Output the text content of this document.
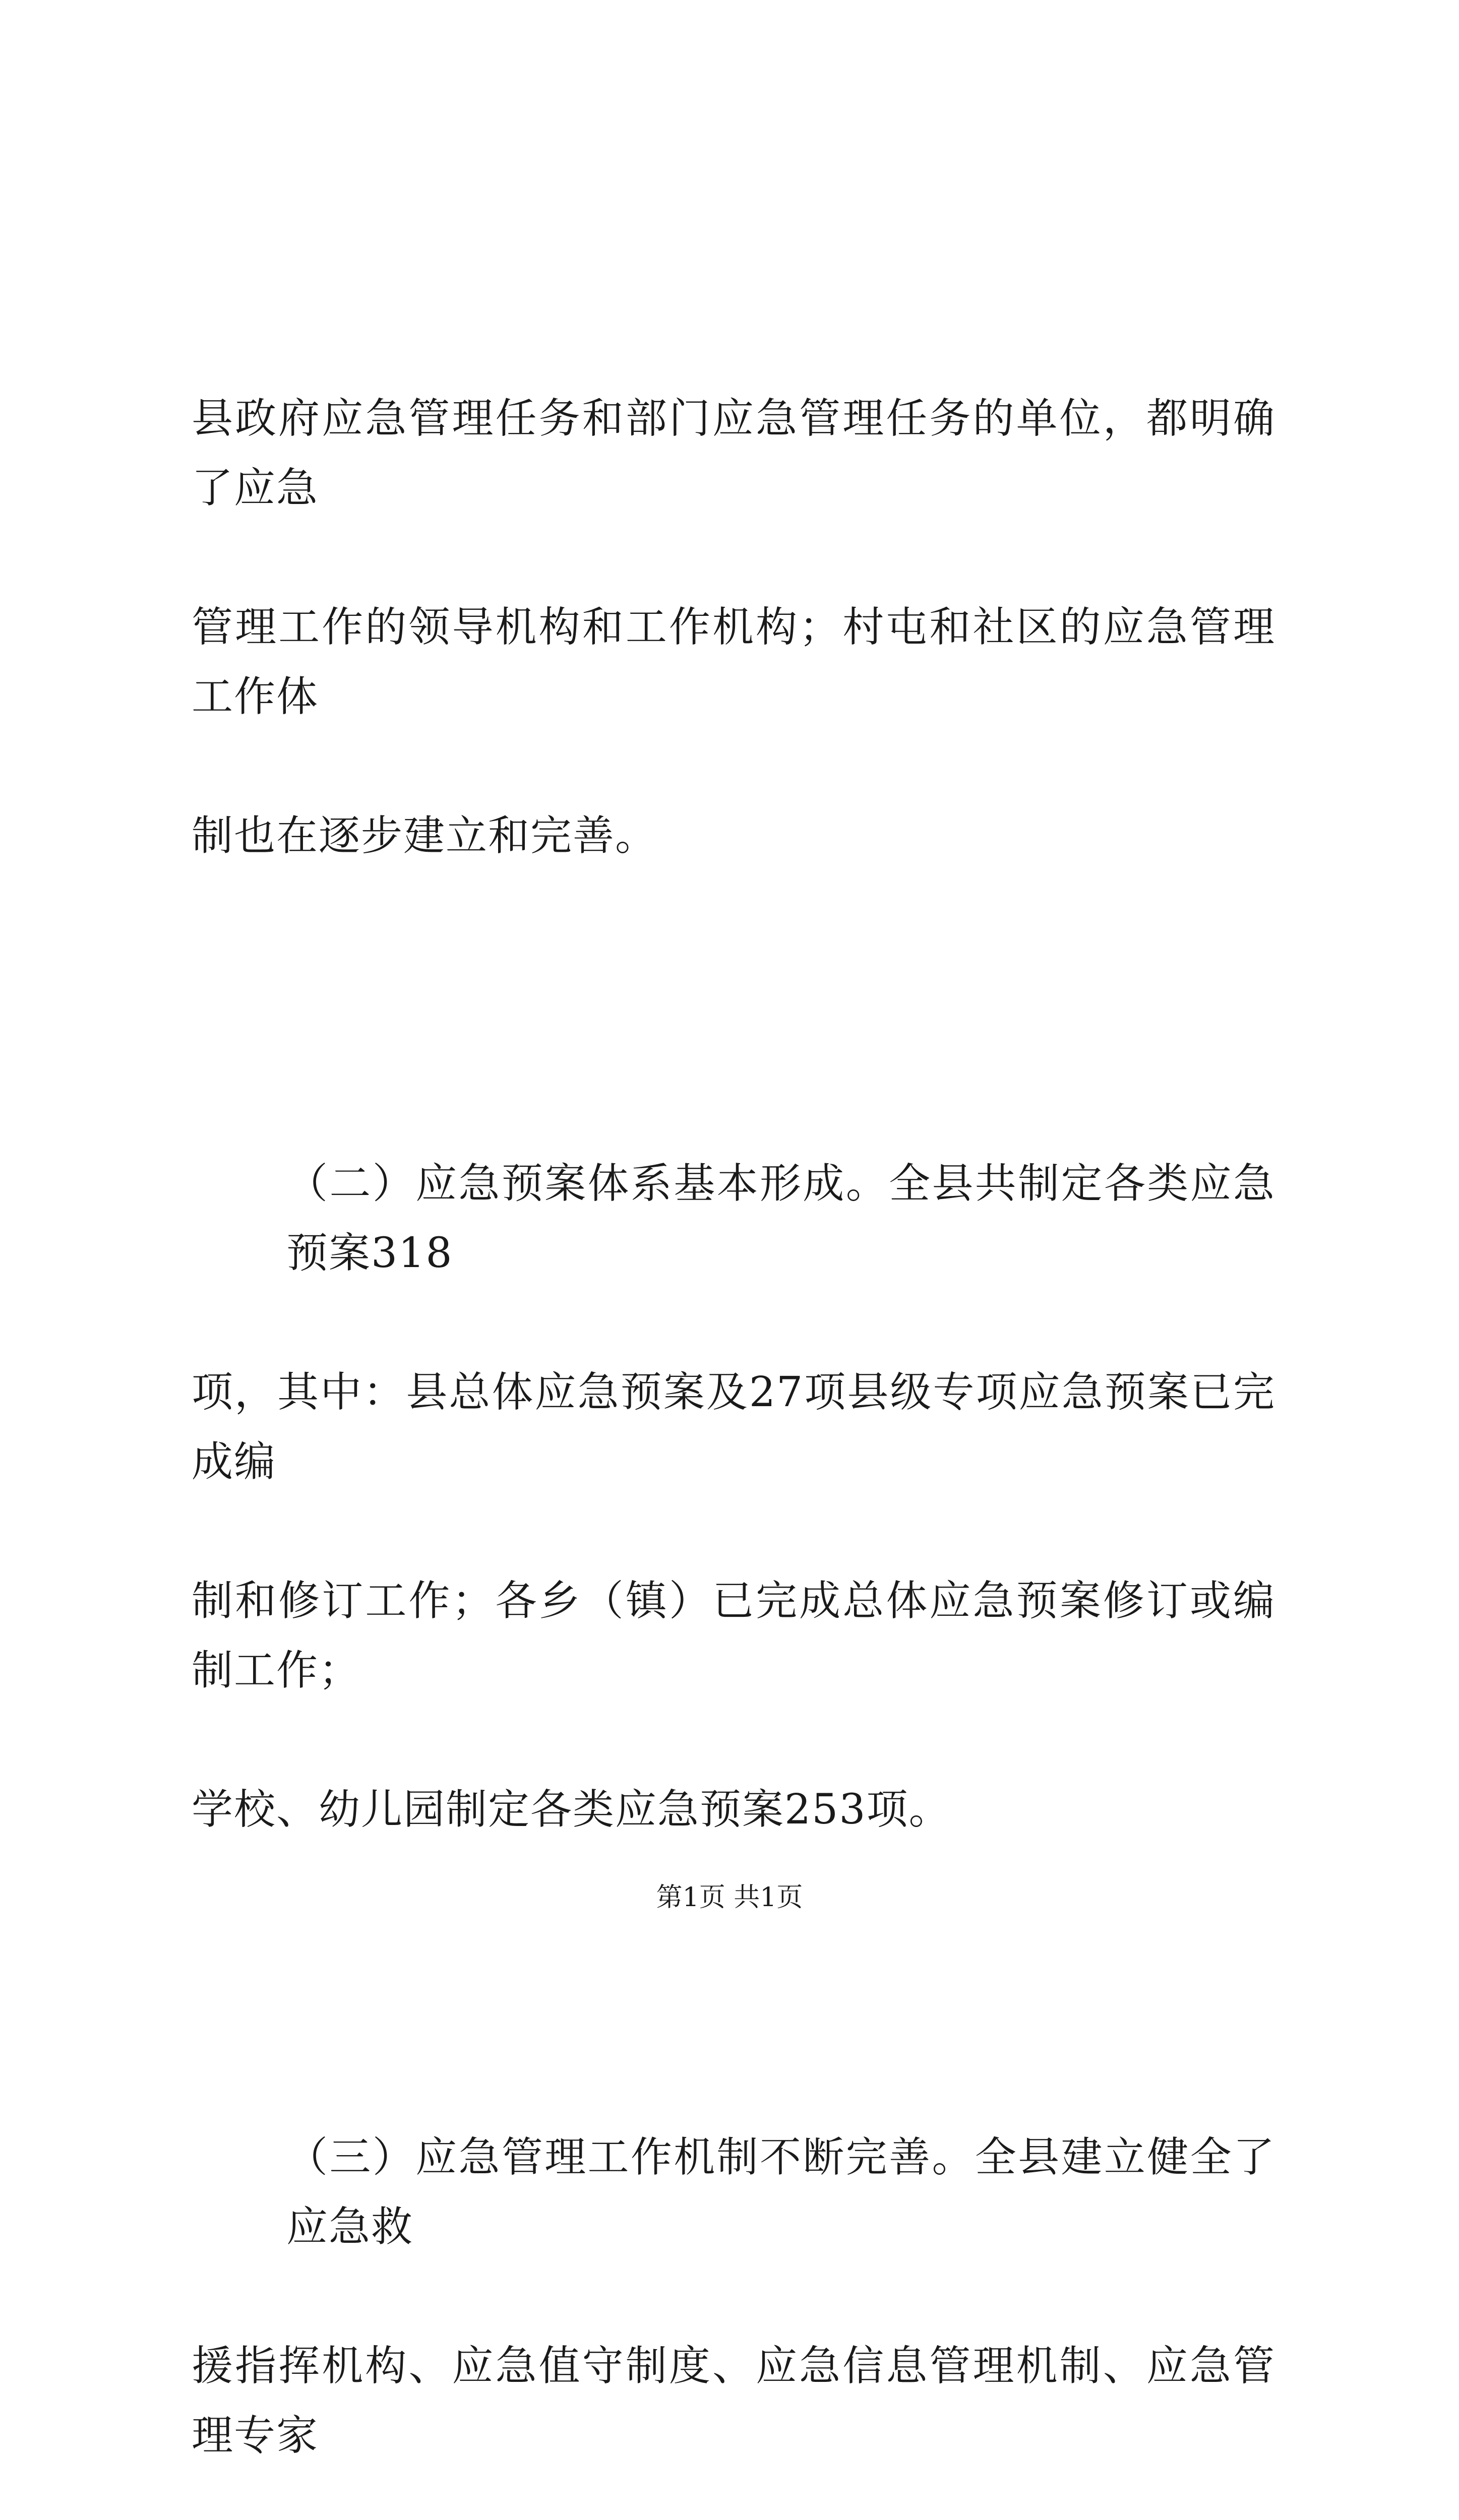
县政府应急管理任务和部门应急管理任务的单位，都明确了应急

管理工作的领导机构和工作机构；村屯和社区的应急管理工作体

制也在逐步建立和完善。

（二）应急预案体系基本形成。全县共制定各类应急预案318

项，其中：县总体应急预案及27项县级专项应急预案已完成编

制和修订工作；各乡（镇）已完成总体应急预案修订或编制工作；

学校、幼儿园制定各类应急预案253项。

（三）应急管理工作机制不断完善。全县建立健全了应急救

援指挥机构、应急值守制度、应急信息管理机制、应急管理专家

第1页 共1页
